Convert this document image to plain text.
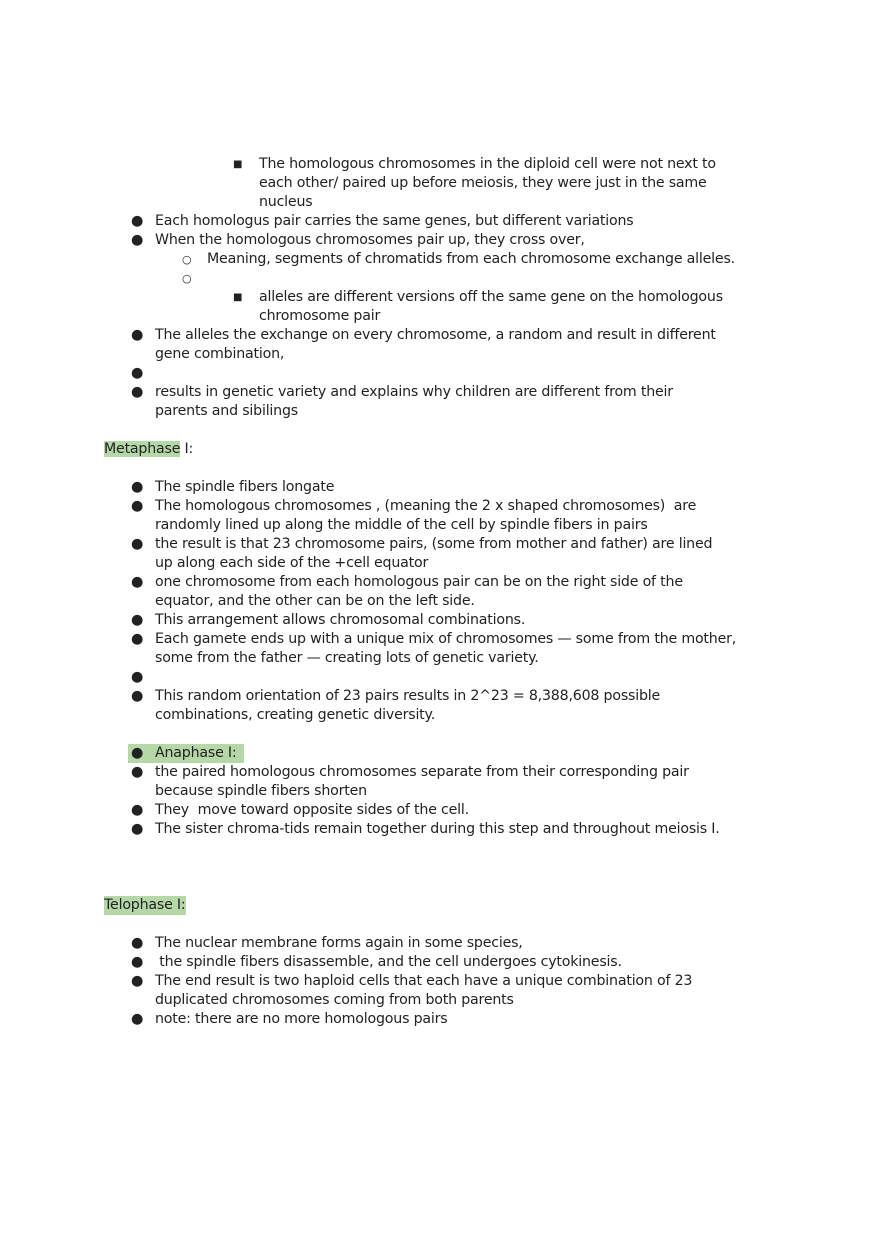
■ The homologous chromosomes in the diploid cell were not next to
each other/ paired up before meiosis, they were just in the same
nucleus
● Each homologus pair carries the same genes, but different variations
● When the homologous chromosomes pair up, they cross over,
○ Meaning, segments of chromatids from each chromosome exchange alleles.
○
■ alleles are different versions off the same gene on the homologous
chromosome pair
● The alleles the exchange on every chromosome, a random and result in different
gene combination,
●
● results in genetic variety and explains why children are different from their
parents and sibilings
Metaphase I:
● The spindle fibers longate
● The homologous chromosomes , (meaning the 2 x shaped chromosomes)  are
randomly lined up along the middle of the cell by spindle fibers in pairs
● the result is that 23 chromosome pairs, (some from mother and father) are lined
up along each side of the +cell equator
● one chromosome from each homologous pair can be on the right side of the
equator, and the other can be on the left side.
● This arrangement allows chromosomal combinations.
● Each gamete ends up with a unique mix of chromosomes — some from the mother,
some from the father — creating lots of genetic variety.
●
● This random orientation of 23 pairs results in 2^23 = 8,388,608 possible
combinations, creating genetic diversity.
● Anaphase I:
● the paired homologous chromosomes separate from their corresponding pair
because spindle fibers shorten
● They  move toward opposite sides of the cell.
● The sister chroma-tids remain together during this step and throughout meiosis I.
Telophase I:
● The nuclear membrane forms again in some species,
● the spindle fibers disassemble, and the cell undergoes cytokinesis.
● The end result is two haploid cells that each have a unique combination of 23
duplicated chromosomes coming from both parents
● note: there are no more homologous pairs
